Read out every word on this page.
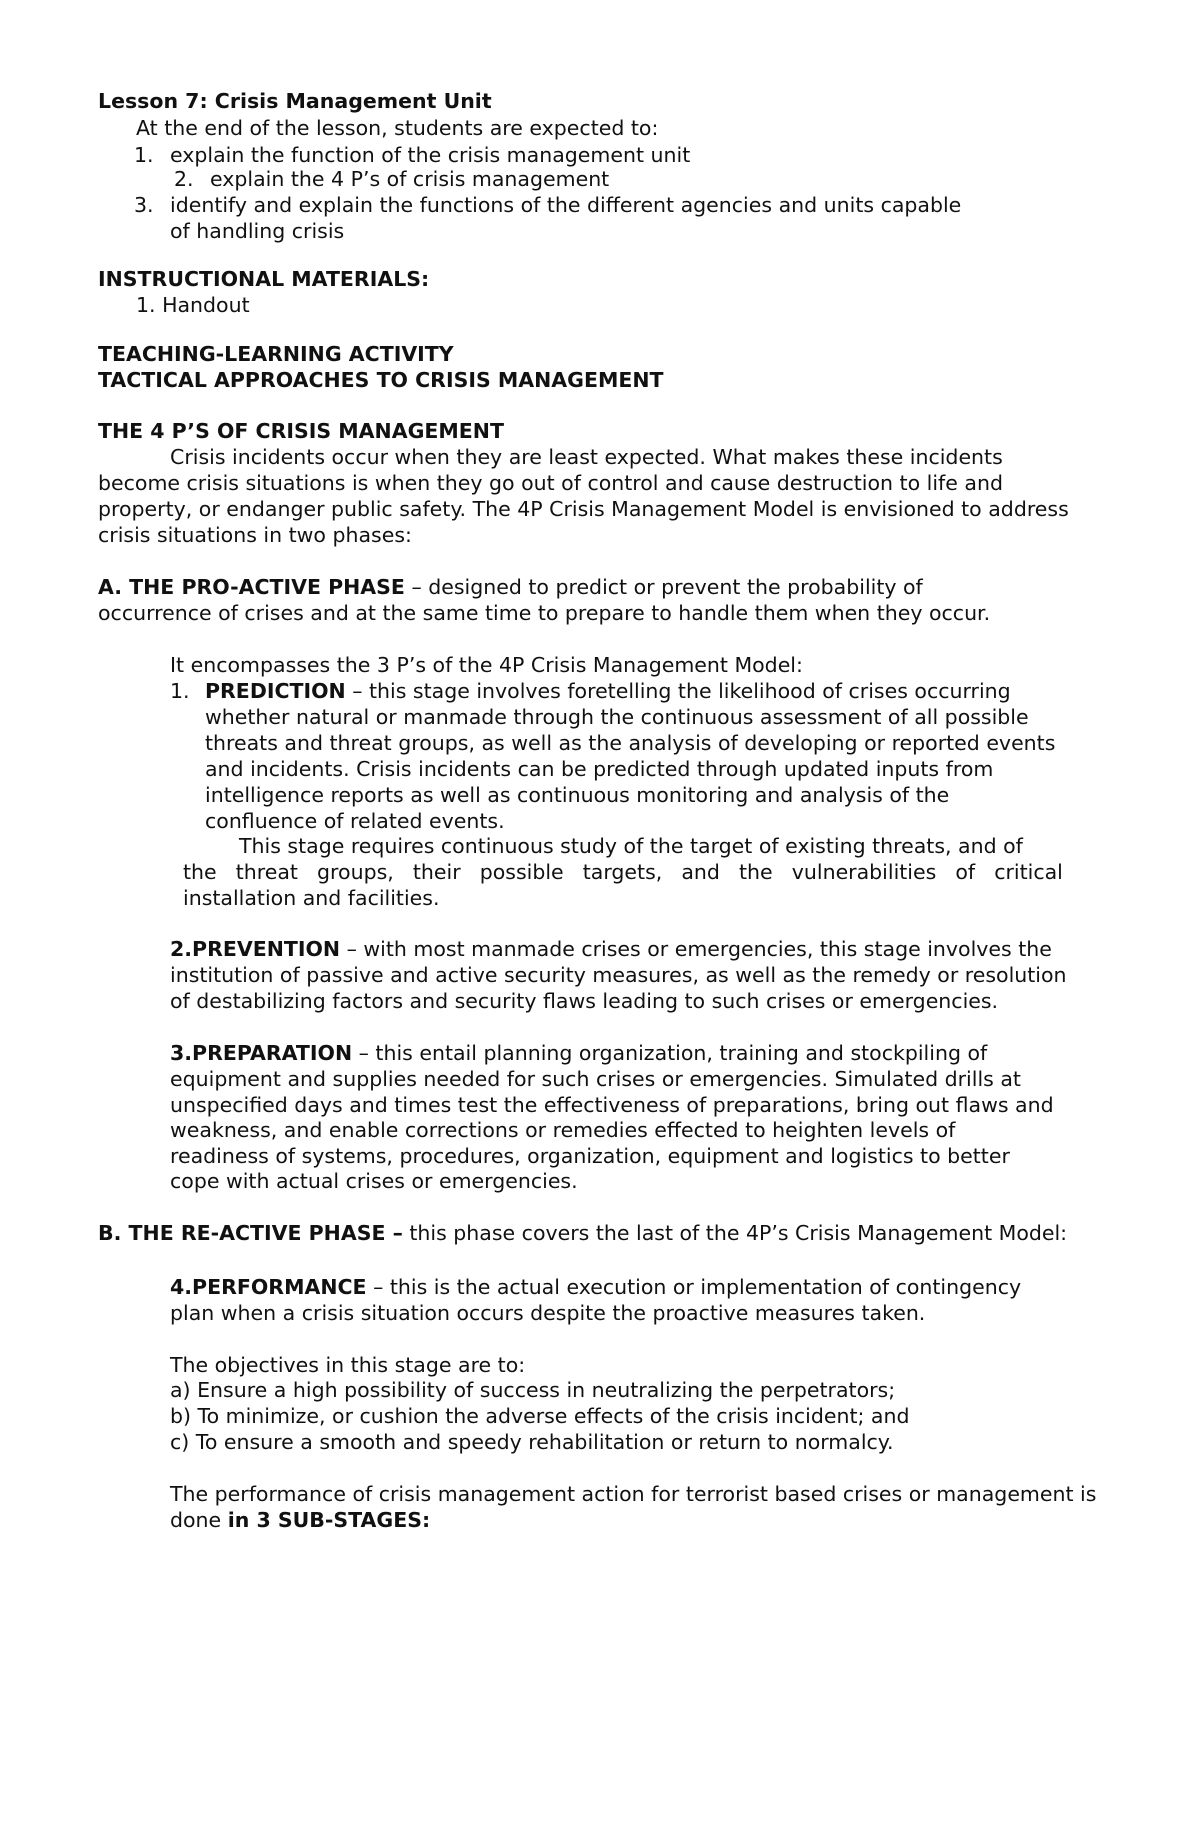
Lesson 7: Crisis Management Unit
At the end of the lesson, students are expected to:
1. explain the function of the crisis management unit
2. explain the 4 P’s of crisis management
3. identify and explain the functions of the different agencies and units capable
of handling crisis
INSTRUCTIONAL MATERIALS:
1. Handout
TEACHING-LEARNING ACTIVITY
TACTICAL APPROACHES TO CRISIS MANAGEMENT
THE 4 P’S OF CRISIS MANAGEMENT
Crisis incidents occur when they are least expected. What makes these incidents
become crisis situations is when they go out of control and cause destruction to life and
property, or endanger public safety. The 4P Crisis Management Model is envisioned to address
crisis situations in two phases:
A. THE PRO-ACTIVE PHASE – designed to predict or prevent the probability of
occurrence of crises and at the same time to prepare to handle them when they occur.
It encompasses the 3 P’s of the 4P Crisis Management Model:
1. PREDICTION – this stage involves foretelling the likelihood of crises occurring
whether natural or manmade through the continuous assessment of all possible
threats and threat groups, as well as the analysis of developing or reported events
and incidents. Crisis incidents can be predicted through updated inputs from
intelligence reports as well as continuous monitoring and analysis of the
confluence of related events.
This stage requires continuous study of the target of existing threats, and of
the threat groups, their possible targets, and the vulnerabilities of critical
installation and facilities.
2.PREVENTION – with most manmade crises or emergencies, this stage involves the
institution of passive and active security measures, as well as the remedy or resolution
of destabilizing factors and security flaws leading to such crises or emergencies.
3.PREPARATION – this entail planning organization, training and stockpiling of
equipment and supplies needed for such crises or emergencies. Simulated drills at
unspecified days and times test the effectiveness of preparations, bring out flaws and
weakness, and enable corrections or remedies effected to heighten levels of
readiness of systems, procedures, organization, equipment and logistics to better
cope with actual crises or emergencies.
B. THE RE-ACTIVE PHASE – this phase covers the last of the 4P’s Crisis Management Model:
4.PERFORMANCE – this is the actual execution or implementation of contingency
plan when a crisis situation occurs despite the proactive measures taken.
The objectives in this stage are to:
a) Ensure a high possibility of success in neutralizing the perpetrators;
b) To minimize, or cushion the adverse effects of the crisis incident; and
c) To ensure a smooth and speedy rehabilitation or return to normalcy.
The performance of crisis management action for terrorist based crises or management is
done in 3 SUB-STAGES:
